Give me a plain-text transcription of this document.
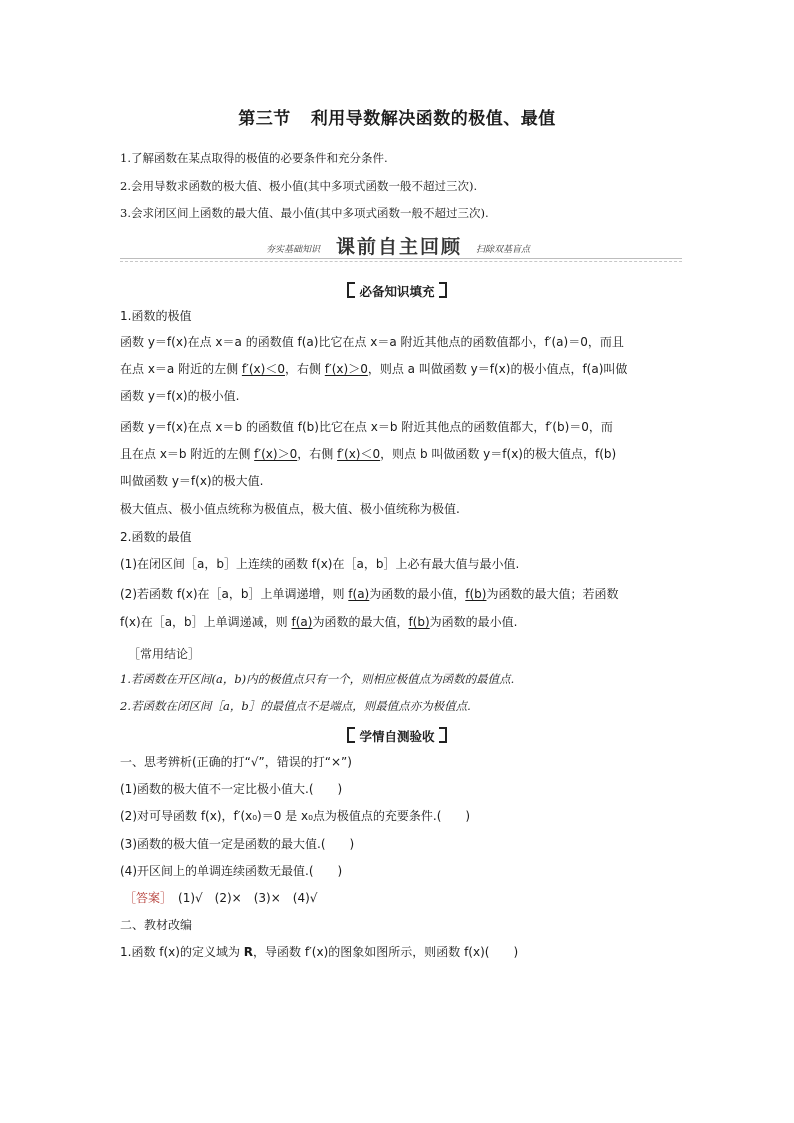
第三节 利用导数解决函数的极值、最值
1.了解函数在某点取得的极值的必要条件和充分条件.
2.会用导数求函数的极大值、极小值(其中多项式函数一般不超过三次).
3.会求闭区间上函数的最大值、最小值(其中多项式函数一般不超过三次).
夯实基础知识 课前自主回顾 扫除双基盲点
必备知识填充
1.函数的极值
函数 y＝f(x)在点 x＝a 的函数值 f(a)比它在点 x＝a 附近其他点的函数值都小，f′(a)＝0，而且
在点 x＝a 附近的左侧 f′(x)＜0，右侧 f′(x)＞0，则点 a 叫做函数 y＝f(x)的极小值点，f(a)叫做
函数 y＝f(x)的极小值.
函数 y＝f(x)在点 x＝b 的函数值 f(b)比它在点 x＝b 附近其他点的函数值都大，f′(b)＝0，而
且在点 x＝b 附近的左侧 f′(x)＞0，右侧 f′(x)＜0，则点 b 叫做函数 y＝f(x)的极大值点，f(b)
叫做函数 y＝f(x)的极大值.
极大值点、极小值点统称为极值点，极大值、极小值统称为极值.
2.函数的最值
(1)在闭区间［a，b］上连续的函数 f(x)在［a，b］上必有最大值与最小值.
(2)若函数 f(x)在［a，b］上单调递增，则 f(a)为函数的最小值，f(b)为函数的最大值；若函数
f(x)在［a，b］上单调递减，则 f(a)为函数的最大值，f(b)为函数的最小值.
［常用结论］
1.若函数在开区间(a，b)内的极值点只有一个，则相应极值点为函数的最值点.
2.若函数在闭区间［a，b］的最值点不是端点，则最值点亦为极值点.
学情自测验收
一、思考辨析(正确的打“√”，错误的打“×”)
(1)函数的极大值不一定比极小值大.(　　)
(2)对可导函数 f(x)，f′(x₀)＝0 是 x₀点为极值点的充要条件.(　　)
(3)函数的极大值一定是函数的最大值.(　　)
(4)开区间上的单调连续函数无最值.(　　)
［答案］　(1)√　(2)×　(3)×　(4)√
二、教材改编
1.函数 f(x)的定义域为 R，导函数 f′(x)的图象如图所示，则函数 f(x)(　　)
